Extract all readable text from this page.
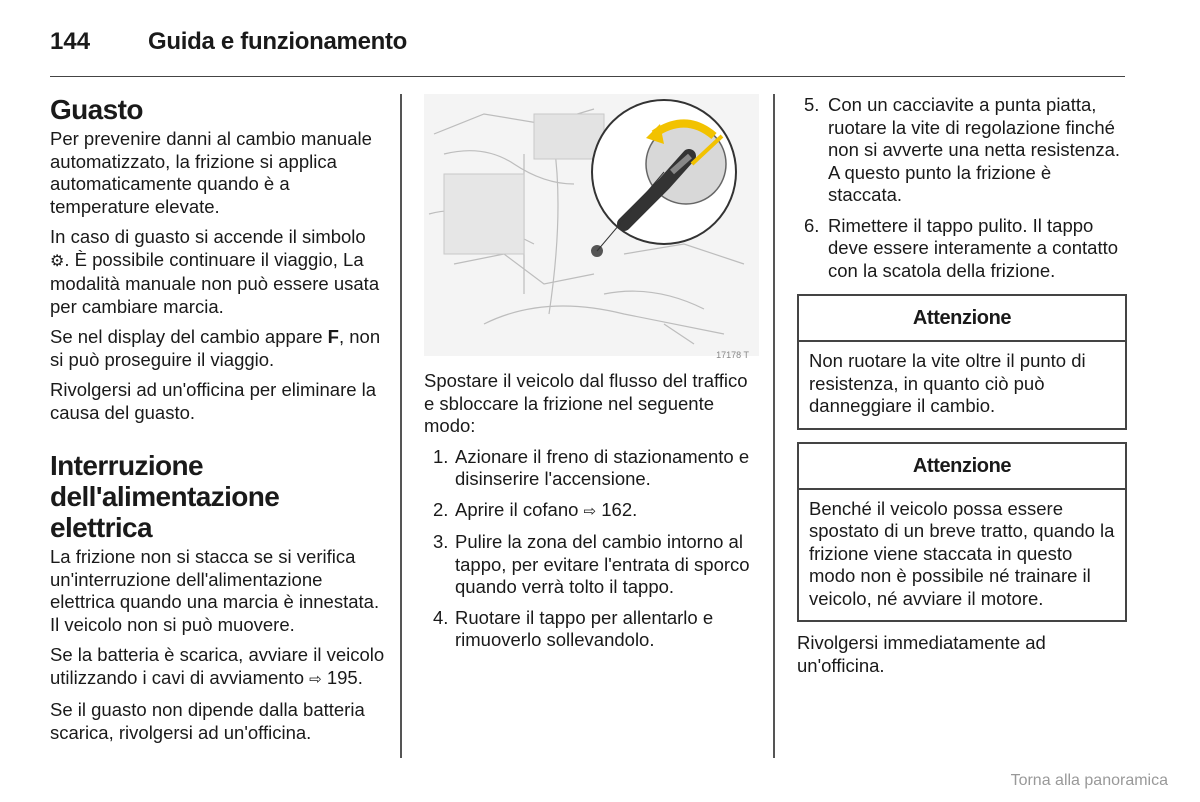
144 Guida e funzionamento
Guasto

Per prevenire danni al cambio manuale automatizzato, la frizione si applica automaticamente quando è a temperature elevate.

In caso di guasto si accende il simbolo ⚙. È possibile continuare il viaggio, La modalità manuale non può essere usata per cambiare marcia.

Se nel display del cambio appare F, non si può proseguire il viaggio.

Rivolgersi ad un'officina per eliminare la causa del guasto.

Interruzione dell'alimentazione elettrica

La frizione non si stacca se si verifica un'interruzione dell'alimentazione elettrica quando una marcia è innestata. Il veicolo non si può muovere.

Se la batteria è scarica, avviare il veicolo utilizzando i cavi di avviamento ⇨ 195.

Se il guasto non dipende dalla batteria scarica, rivolgersi ad un'officina.

17178 T

Spostare il veicolo dal flusso del traffico e sbloccare la frizione nel seguente modo:

1. Azionare il freno di stazionamento e disinserire l'accensione.
2. Aprire il cofano ⇨ 162.
3. Pulire la zona del cambio intorno al tappo, per evitare l'entrata di sporco quando verrà tolto il tappo.
4. Ruotare il tappo per allentarlo e rimuoverlo sollevandolo.
5. Con un cacciavite a punta piatta, ruotare la vite di regolazione finché non si avverte una netta resistenza. A questo punto la frizione è staccata.
6. Rimettere il tappo pulito. Il tappo deve essere interamente a contatto con la scatola della frizione.
Attenzione
Non ruotare la vite oltre il punto di resistenza, in quanto ciò può danneggiare il cambio.
Attenzione
Benché il veicolo possa essere spostato di un breve tratto, quando la frizione viene staccata in questo modo non è possibile né trainare il veicolo, né avviare il motore.

Rivolgersi immediatamente ad un'officina.

Torna alla panoramica
